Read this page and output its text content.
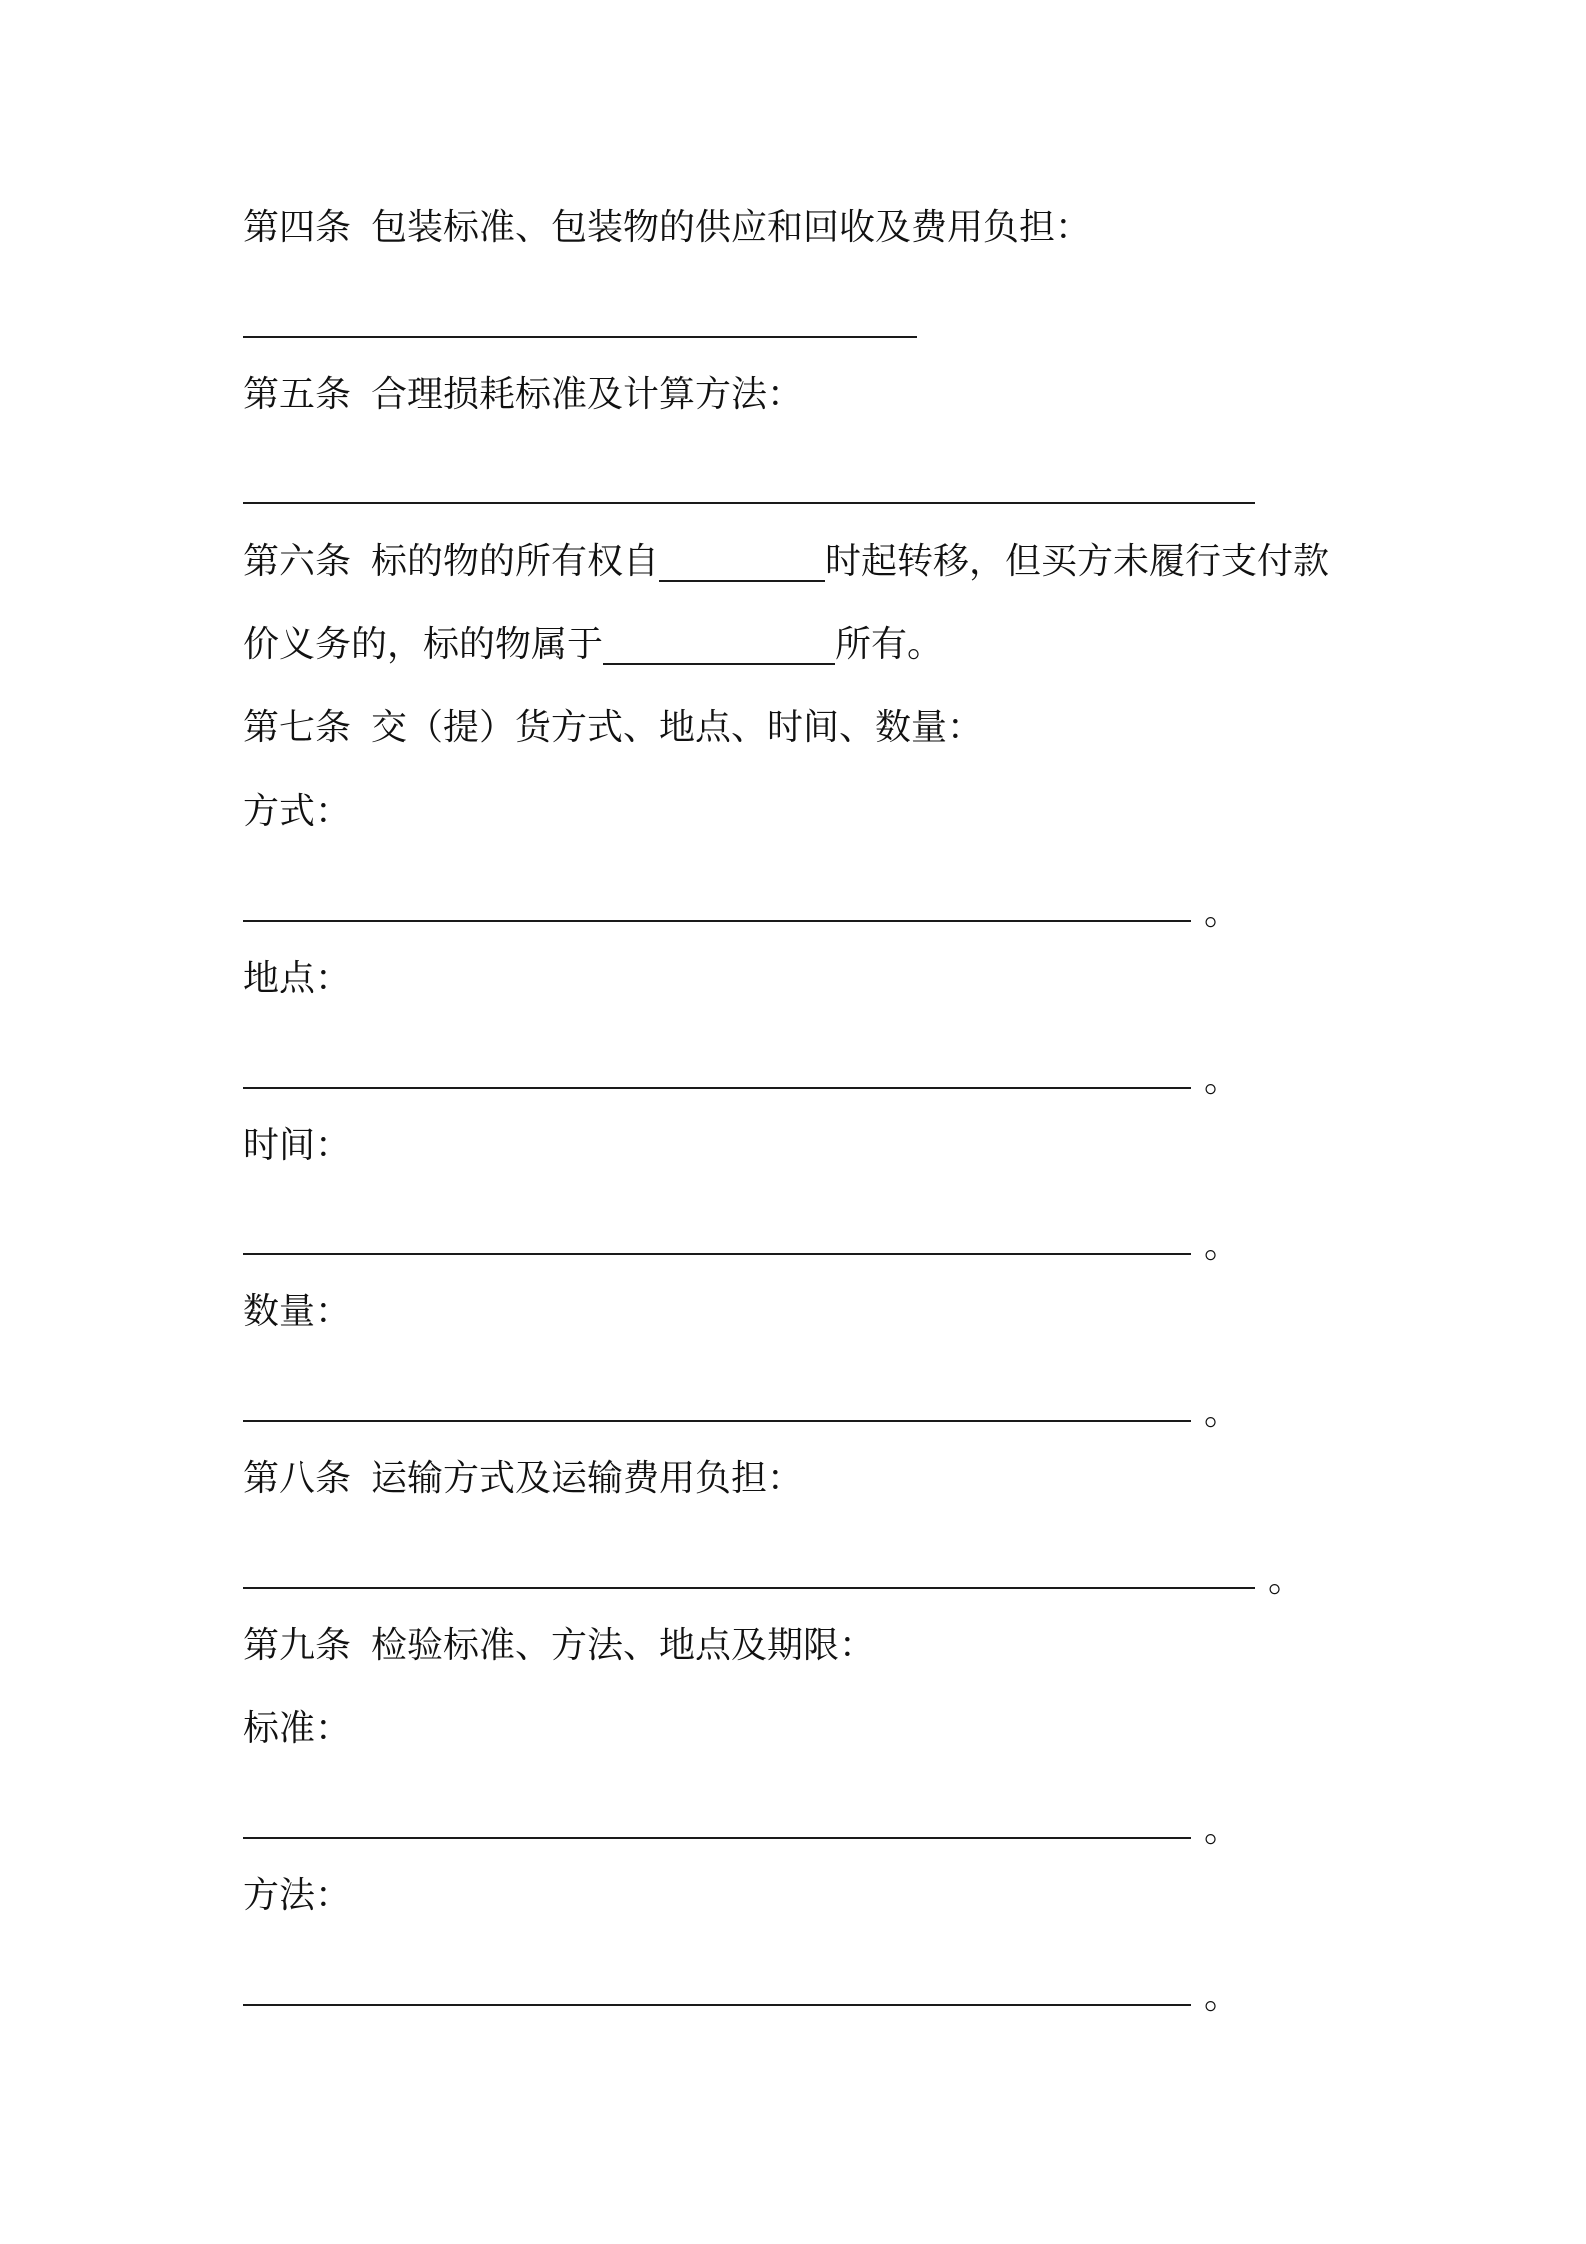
第四条 包装标准、包装物的供应和回收及费用负担：
第五条 合理损耗标准及计算方法：
第六条 标的物的所有权自	时起转移，但买方未履行支付款
价义务的，标的物属于	所有。
第七条 交（提）货方式、地点、时间、数量：
方式：
。
地点：
。
时间：
。
数量：
。
第八条 运输方式及运输费用负担：
。
第九条 检验标准、方法、地点及期限：
标准：
。
方法：
。
